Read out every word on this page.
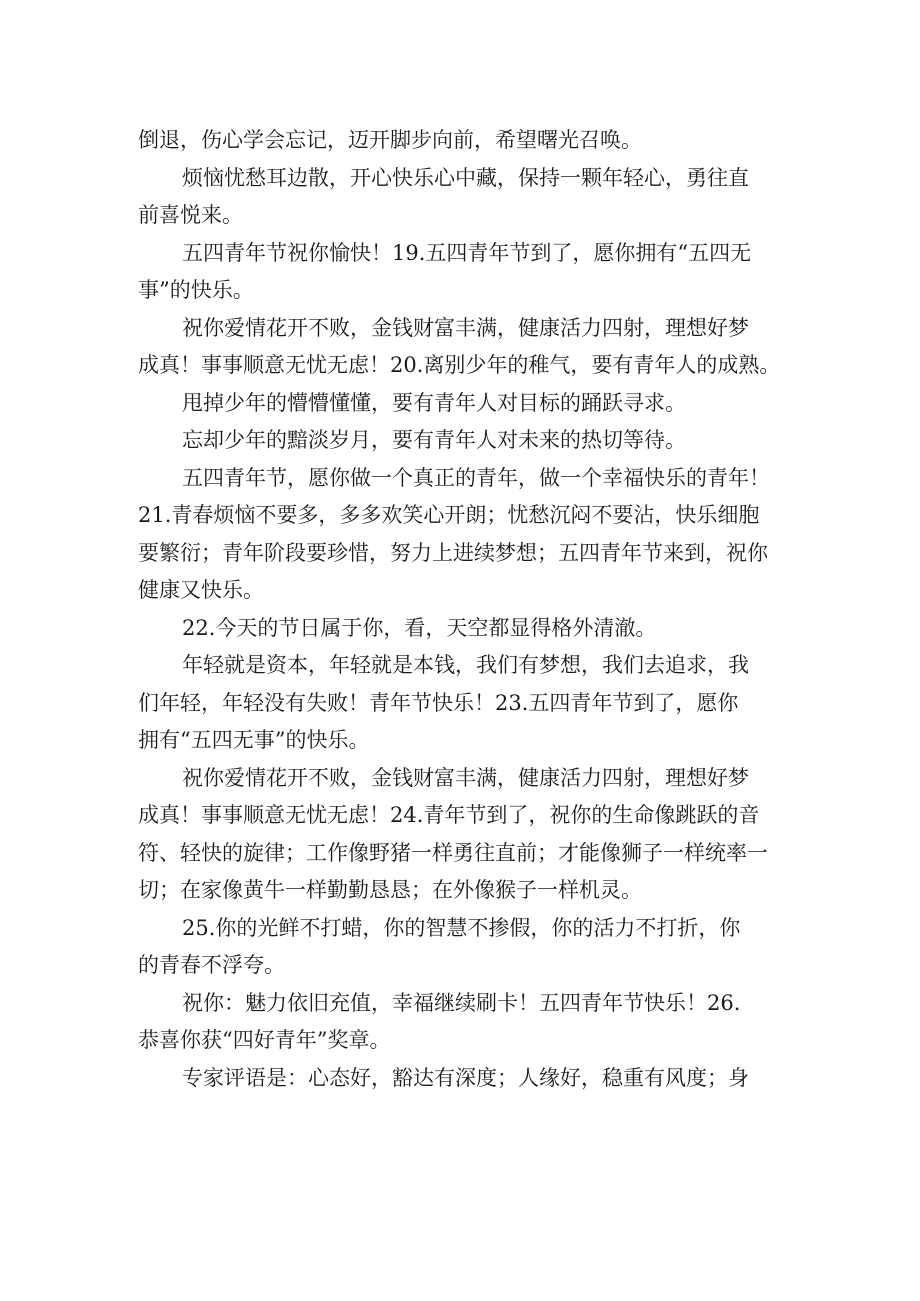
倒退，伤心学会忘记，迈开脚步向前，希望曙光召唤。
烦恼忧愁耳边散，开心快乐心中藏，保持一颗年轻心，勇往直
前喜悦来。
五四青年节祝你愉快！19.五四青年节到了，愿你拥有“五四无
事”的快乐。
祝你爱情花开不败，金钱财富丰满，健康活力四射，理想好梦
成真！事事顺意无忧无虑！20.离别少年的稚气，要有青年人的成熟。
甩掉少年的懵懵懂懂，要有青年人对目标的踊跃寻求。
忘却少年的黯淡岁月，要有青年人对未来的热切等待。
五四青年节，愿你做一个真正的青年，做一个幸福快乐的青年！
21.青春烦恼不要多，多多欢笑心开朗；忧愁沉闷不要沾，快乐细胞
要繁衍；青年阶段要珍惜，努力上进续梦想；五四青年节来到，祝你
健康又快乐。
22.今天的节日属于你，看，天空都显得格外清澈。
年轻就是资本，年轻就是本钱，我们有梦想，我们去追求，我
们年轻，年轻没有失败！青年节快乐！23.五四青年节到了，愿你
拥有“五四无事”的快乐。
祝你爱情花开不败，金钱财富丰满，健康活力四射，理想好梦
成真！事事顺意无忧无虑！24.青年节到了，祝你的生命像跳跃的音
符、轻快的旋律；工作像野猪一样勇往直前；才能像狮子一样统率一
切；在家像黄牛一样勤勤恳恳；在外像猴子一样机灵。
25.你的光鲜不打蜡，你的智慧不掺假，你的活力不打折，你
的青春不浮夸。
祝你：魅力依旧充值，幸福继续刷卡！五四青年节快乐！26.
恭喜你获“四好青年”奖章。
专家评语是：心态好，豁达有深度；人缘好，稳重有风度；身
